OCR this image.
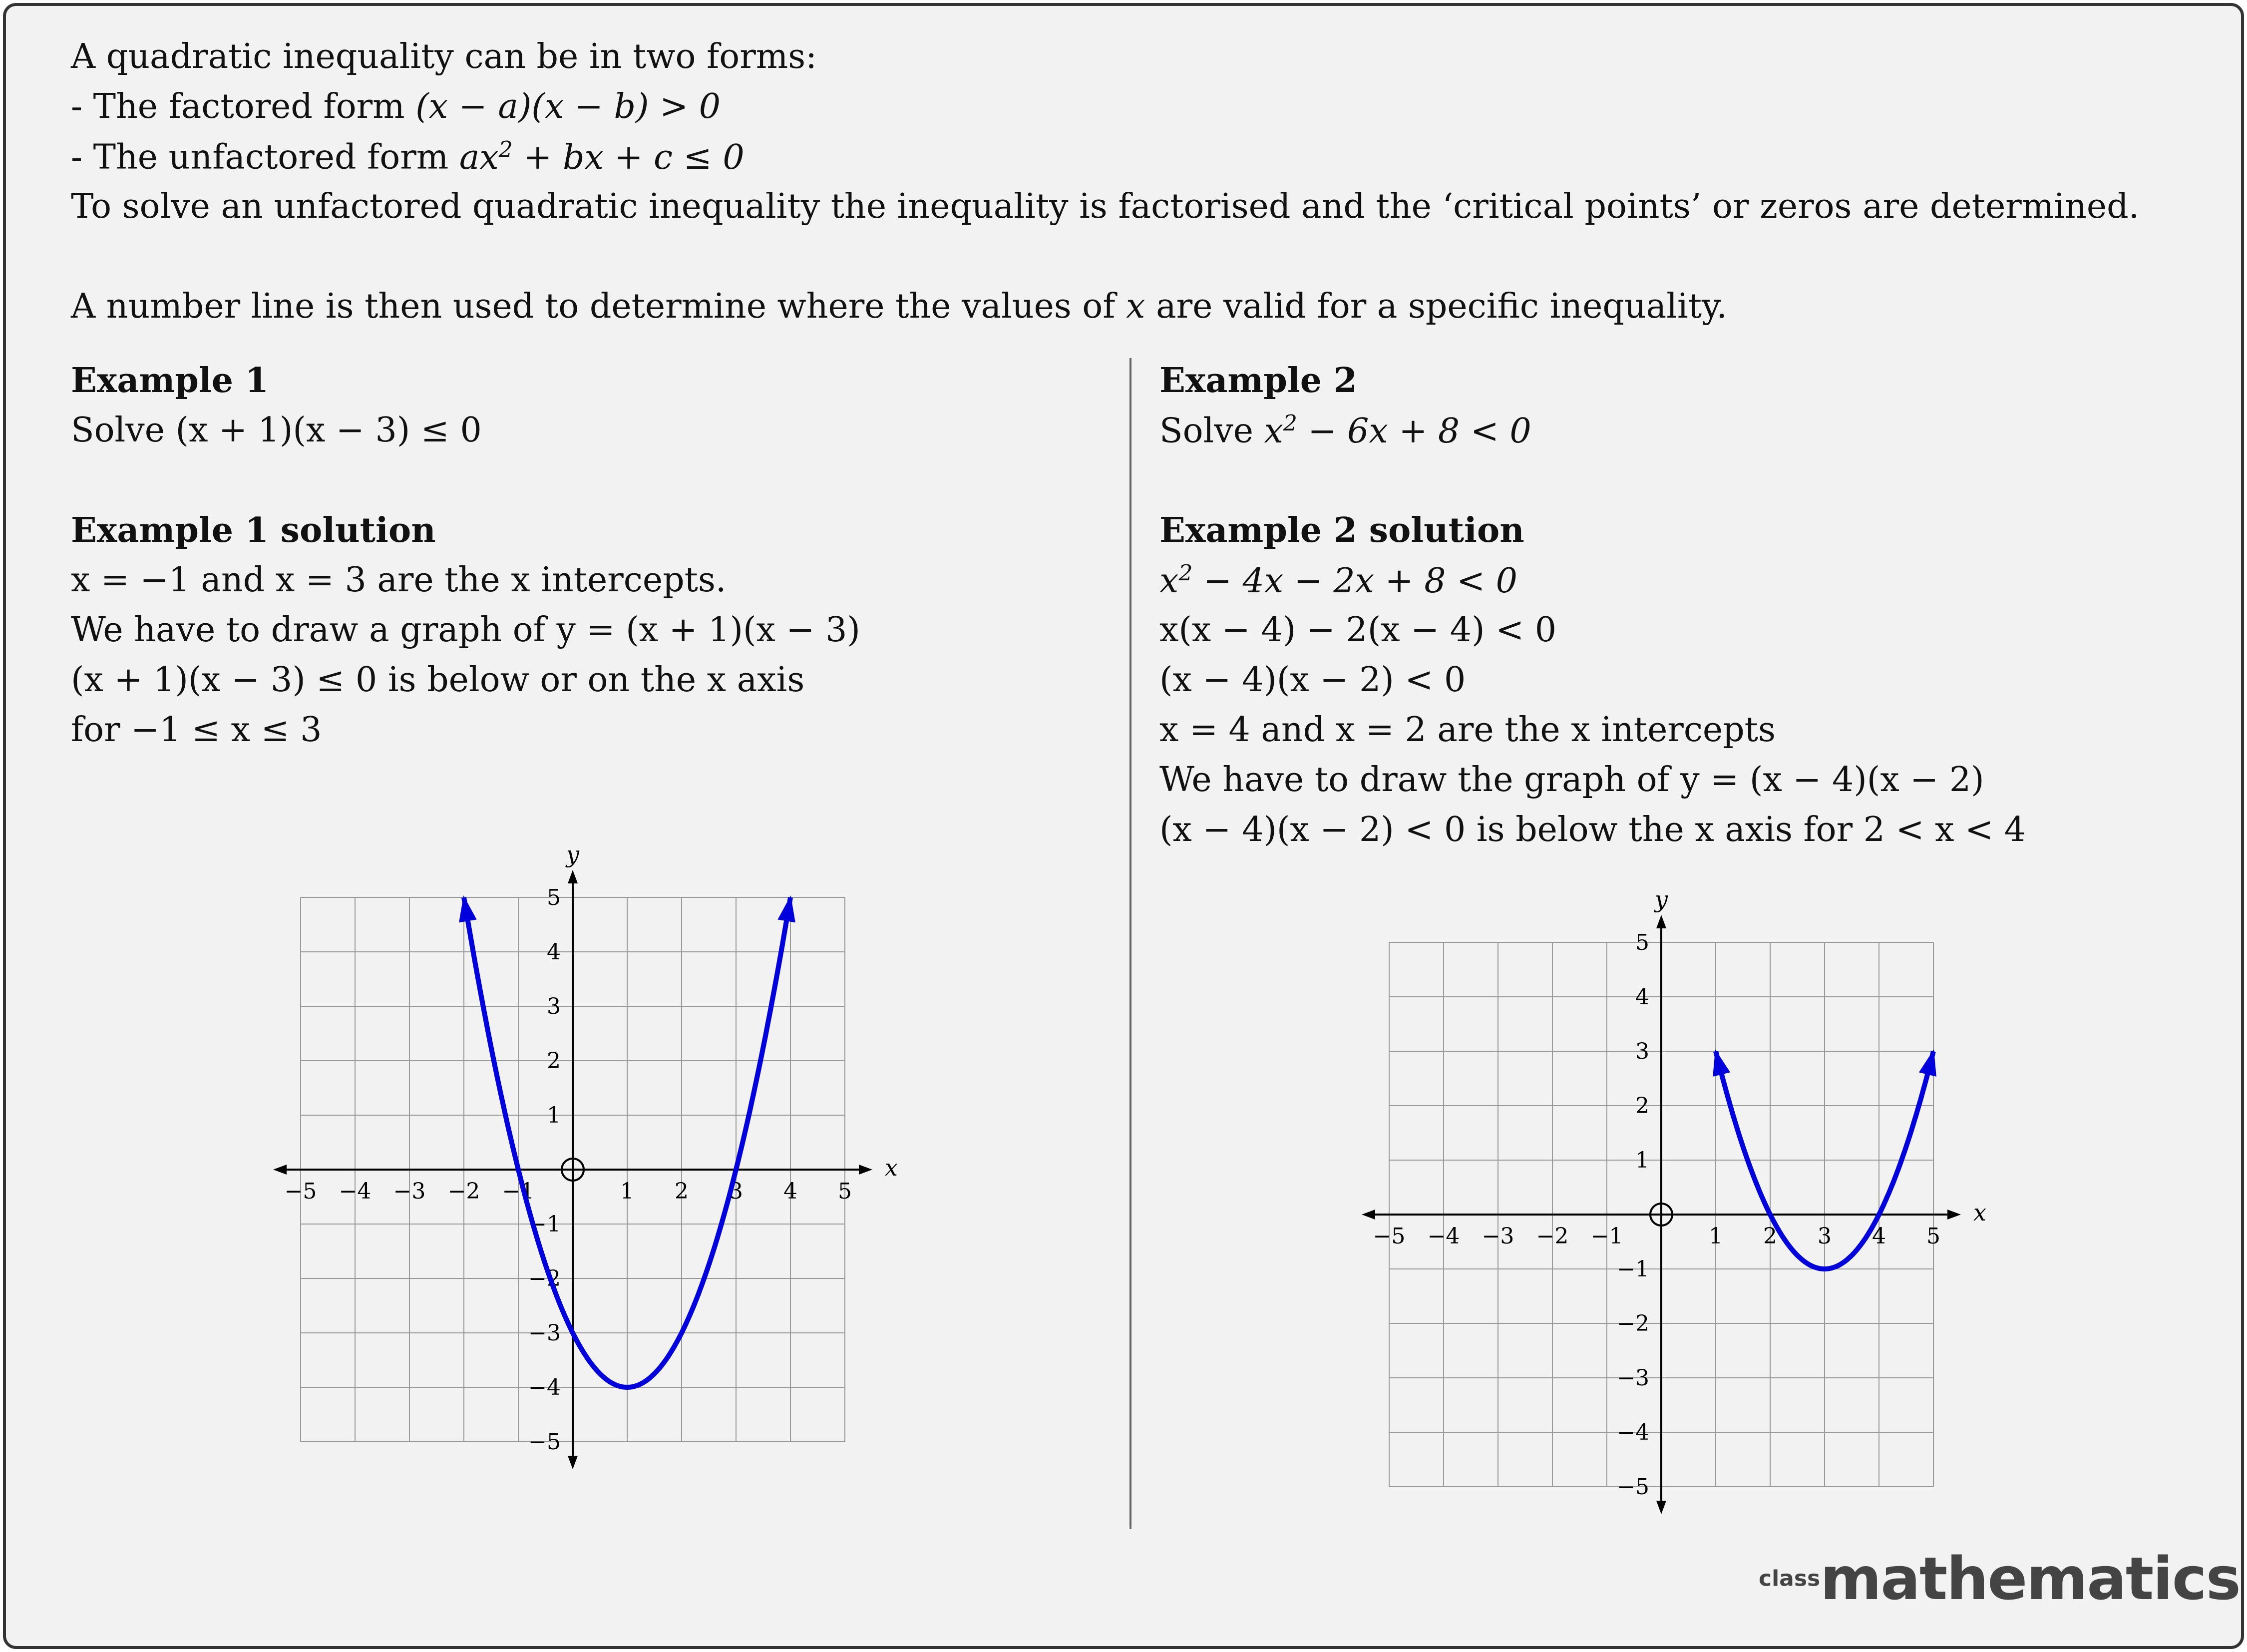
A quadratic inequality can be in two forms:
- The factored form (x − a)(x − b) > 0
- The unfactored form $ax^2$ + bx + c ≤ 0
To solve an unfactored quadratic inequality the inequality is factorised and the ‘critical points’ or zeros are determined.
A number line is then used to determine where the values of x are valid for a specific inequality.
Example 1
Solve (x + 1)(x − 3) ≤ 0
Example 1 solution
x = −1 and x = 3 are the x intercepts.
We have to draw a graph of y = (x + 1)(x − 3)
(x + 1)(x − 3) ≤ 0 is below or on the x axis
for −1 ≤ x ≤ 3
Example 2
Solve $x^2 - 6x + 8 < 0$
Example 2 solution
$x^2 - 4x - 2x + 8 < 0$
x(x − 4) − 2(x − 4) < 0
(x − 4)(x − 2) < 0
x = 4 and x = 2 are the x intercepts
We have to draw the graph of y = (x − 4)(x − 2)
(x − 4)(x − 2) < 0 is below the x axis for 2 < x < 4
−5 −4 −3 −2 −1	1 2 3 4 5
5
4
3
2
1
−1
−2
−3
−4
−5
x
y
−5 −4 −3 −2 −1	1 2 3 4 5
5
4
3
2
1
−1
−2
−3
−4
−5
x
y
classmathematics
